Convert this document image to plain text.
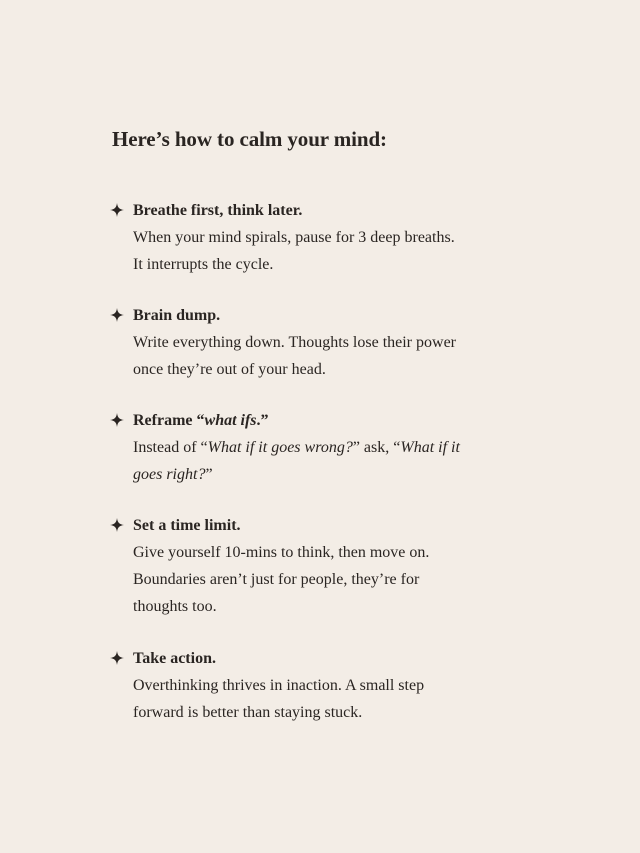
Here’s how to calm your mind:
Breathe first, think later.
When your mind spirals, pause for 3 deep breaths.
It interrupts the cycle.
Brain dump.
Write everything down. Thoughts lose their power
once they’re out of your head.
Reframe “what ifs.”
Instead of “What if it goes wrong?” ask, “What if it
goes right?”
Set a time limit.
Give yourself 10-mins to think, then move on.
Boundaries aren’t just for people, they’re for
thoughts too.
Take action.
Overthinking thrives in inaction. A small step
forward is better than staying stuck.
